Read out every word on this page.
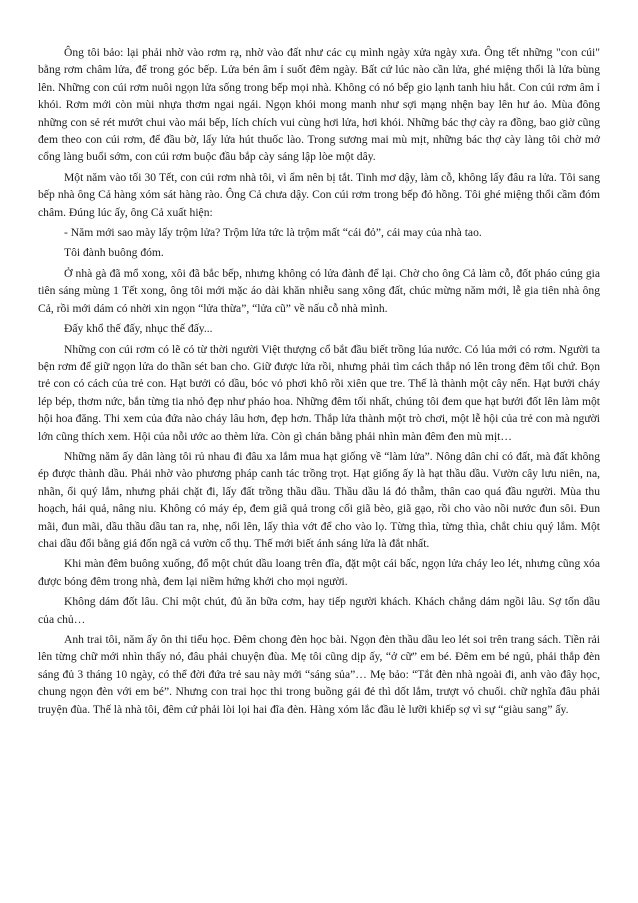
Ông tôi bảo: lại phải nhờ vào rơm rạ, nhờ vào đất như các cụ mình ngày xửa ngày xưa. Ông tết những "con cúi" bằng rơm châm lửa, để trong góc bếp. Lửa bén âm ỉ suốt đêm ngày. Bất cứ lúc nào cần lửa, ghé miệng thổi là lửa bùng lên. Những con cúi rơm nuôi ngọn lửa sống trong bếp mọi nhà. Không có nó bếp gio lạnh tanh hiu hắt. Con cúi rơm âm ỉ khói. Rơm mới còn mùi nhựa thơm ngai ngái. Ngọn khói mong manh như sợi mạng nhện bay lên hư ảo. Mùa đông những con sẻ rét mướt chui vào mái bếp, lích chích vui cùng hơi lửa, hơi khói. Những bác thợ cày ra đồng, bao giờ cũng đem theo con cúi rơm, để đầu bờ, lấy lửa hút thuốc lào. Trong sương mai mù mịt, những bác thợ cày làng tôi chờ mở cổng làng buổi sớm, con cúi rơm buộc đầu bắp cày sáng lập lòe một dây.

Một năm vào tối 30 Tết, con cúi rơm nhà tôi, vì ẩm nên bị tắt. Tinh mơ dậy, làm cỗ, không lấy đâu ra lửa. Tôi sang bếp nhà ông Cả hàng xóm sát hàng rào. Ông Cả chưa dậy. Con cúi rơm trong bếp đỏ hồng. Tôi ghé miệng thổi cầm đóm châm. Đúng lúc ấy, ông Cả xuất hiện:

- Năm mới sao mày lấy trộm lửa? Trộm lửa tức là trộm mất “cái đỏ”, cái may của nhà tao.

Tôi đành buông đóm.

Ở nhà gà đã mổ xong, xôi đã bắc bếp, nhưng không có lửa đành để lại. Chờ cho ông Cả làm cỗ, đốt pháo cúng gia tiên sáng mùng 1 Tết xong, ông tôi mới mặc áo dài khăn nhiễu sang xông đất, chúc mừng năm mới, lễ gia tiên nhà ông Cả, rồi mới dám có nhời xin ngọn “lửa thừa”, “lửa cũ” về nấu cỗ nhà mình.

Đấy khổ thế đấy, nhục thế đấy...

Những con cúi rơm có lẽ có từ thời người Việt thượng cổ bắt đầu biết trồng lúa nước. Có lúa mới có rơm. Người ta bện rơm để giữ ngọn lửa do thần sét ban cho. Giữ được lửa rồi, nhưng phải tìm cách thắp nó lên trong đêm tối chứ. Bọn trẻ con có cách của trẻ con. Hạt bưởi có dầu, bóc vỏ phơi khô rồi xiên que tre. Thế là thành một cây nến. Hạt bưởi cháy lép bép, thơm nức, bắn từng tia nhỏ đẹp như pháo hoa. Những đêm tối nhất, chúng tôi đem que hạt bưởi đốt lên làm một hội hoa đăng. Thi xem của đứa nào cháy lâu hơn, đẹp hơn. Thắp lửa thành một trò chơi, một lễ hội của trẻ con mà người lớn cũng thích xem. Hội của nỗi ước ao thèm lửa. Còn gì chán bằng phải nhìn màn đêm đen mù mịt…

Những năm ấy dân làng tôi rủ nhau đi đâu xa lắm mua hạt giống về “làm lửa”. Nông dân chỉ có đất, mà đất không ép được thành dầu. Phải nhờ vào phương pháp canh tác trồng trọt. Hạt giống ấy là hạt thầu dầu. Vườn cây lưu niên, na, nhãn, ổi quý lắm, nhưng phải chặt đi, lấy đất trồng thầu dầu. Thầu dầu lá đỏ thẫm, thân cao quá đầu người. Mùa thu hoạch, hái quả, nâng niu. Không có máy ép, đem giã quả trong cối giã bèo, giã gạo, rồi cho vào nồi nước đun sôi. Đun mãi, đun mãi, dầu thầu dầu tan ra, nhẹ, nổi lên, lấy thìa vớt để cho vào lọ. Từng thìa, từng thìa, chắt chiu quý lắm. Một chai dầu đổi bằng giá đốn ngã cả vườn cổ thụ. Thế mới biết ánh sáng lửa là đắt nhất.

Khi màn đêm buông xuống, đổ một chút dầu loang trên đĩa, đặt một cái bấc, ngọn lửa cháy leo lét, nhưng cũng xóa được bóng đêm trong nhà, đem lại niềm hứng khởi cho mọi người.

Không dám đốt lâu. Chỉ một chút, đủ ăn bữa cơm, hay tiếp người khách. Khách chẳng dám ngồi lâu. Sợ tốn dầu của chủ…

Anh trai tôi, năm ấy ôn thi tiểu học. Đêm chong đèn học bài. Ngọn đèn thầu dầu leo lét soi trên trang sách. Tiền rải lên từng chữ mới nhìn thấy nó, đâu phải chuyện đùa. Mẹ tôi cũng dịp ấy, “ở cữ” em bé. Đêm em bé ngủ, phải thắp đèn sáng đủ 3 tháng 10 ngày, có thể đời đứa trẻ sau này mới “sáng sủa”… Mẹ bảo: “Tắt đèn nhà ngoài đi, anh vào đây học, chung ngọn đèn với em bé”. Nhưng con trai học thi trong buồng gái đẻ thì dốt lắm, trượt vỏ chuối. chữ nghĩa đâu phải truyện đùa. Thế là nhà tôi, đêm cứ phải lòi lọi hai đĩa đèn. Hàng xóm lắc đầu lè lưỡi khiếp sợ vì sự “giàu sang” ấy.
